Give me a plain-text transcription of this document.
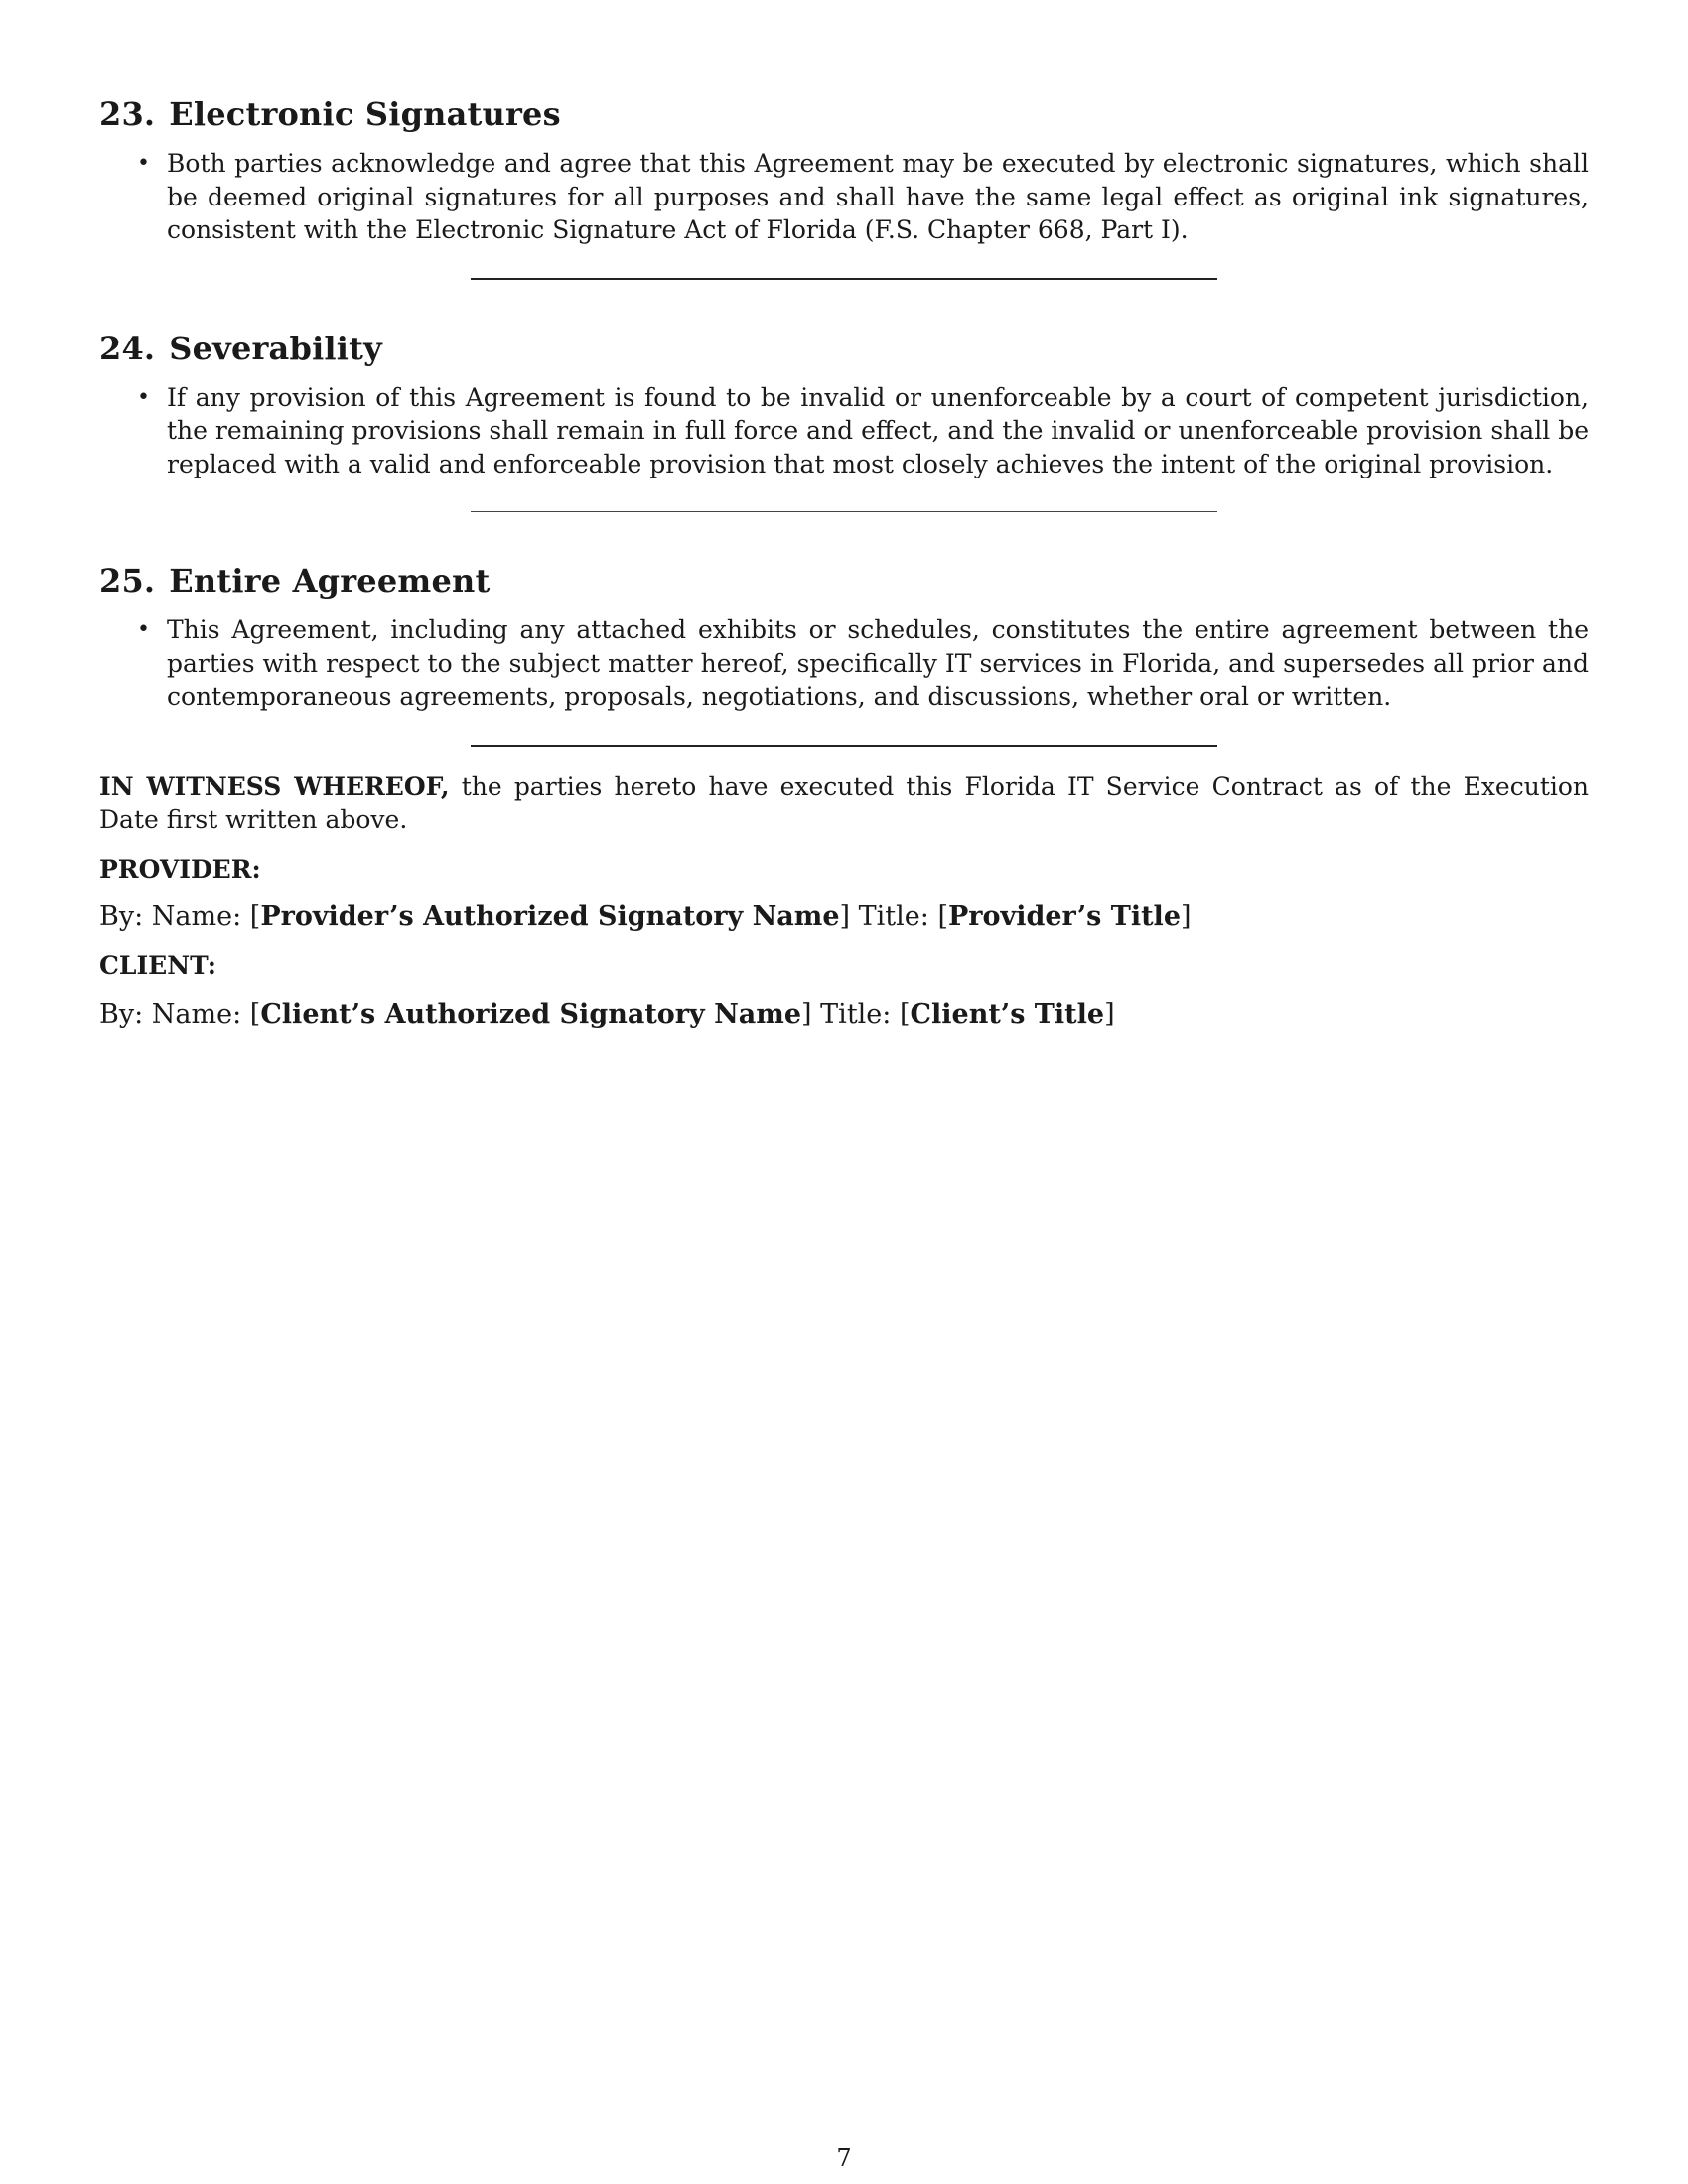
23. Electronic Signatures
• Both parties acknowledge and agree that this Agreement may be executed by electronic signatures, which shall be deemed original signatures for all purposes and shall have the same legal effect as original ink signatures, consistent with the Electronic Signature Act of Florida (F.S. Chapter 668, Part I).
24. Severability
• If any provision of this Agreement is found to be invalid or unenforceable by a court of competent jurisdiction, the remaining provisions shall remain in full force and effect, and the invalid or unenforceable provision shall be replaced with a valid and enforceable provision that most closely achieves the intent of the original provision.
25. Entire Agreement
• This Agreement, including any attached exhibits or schedules, constitutes the entire agreement between the parties with respect to the subject matter hereof, specifically IT services in Florida, and supersedes all prior and contemporaneous agreements, proposals, negotiations, and discussions, whether oral or written.

IN WITNESS WHEREOF, the parties hereto have executed this Florida IT Service Contract as of the Execution Date first written above.

PROVIDER:

By: Name: [Provider’s Authorized Signatory Name] Title: [Provider’s Title]

CLIENT:

By: Name: [Client’s Authorized Signatory Name] Title: [Client’s Title]

7
